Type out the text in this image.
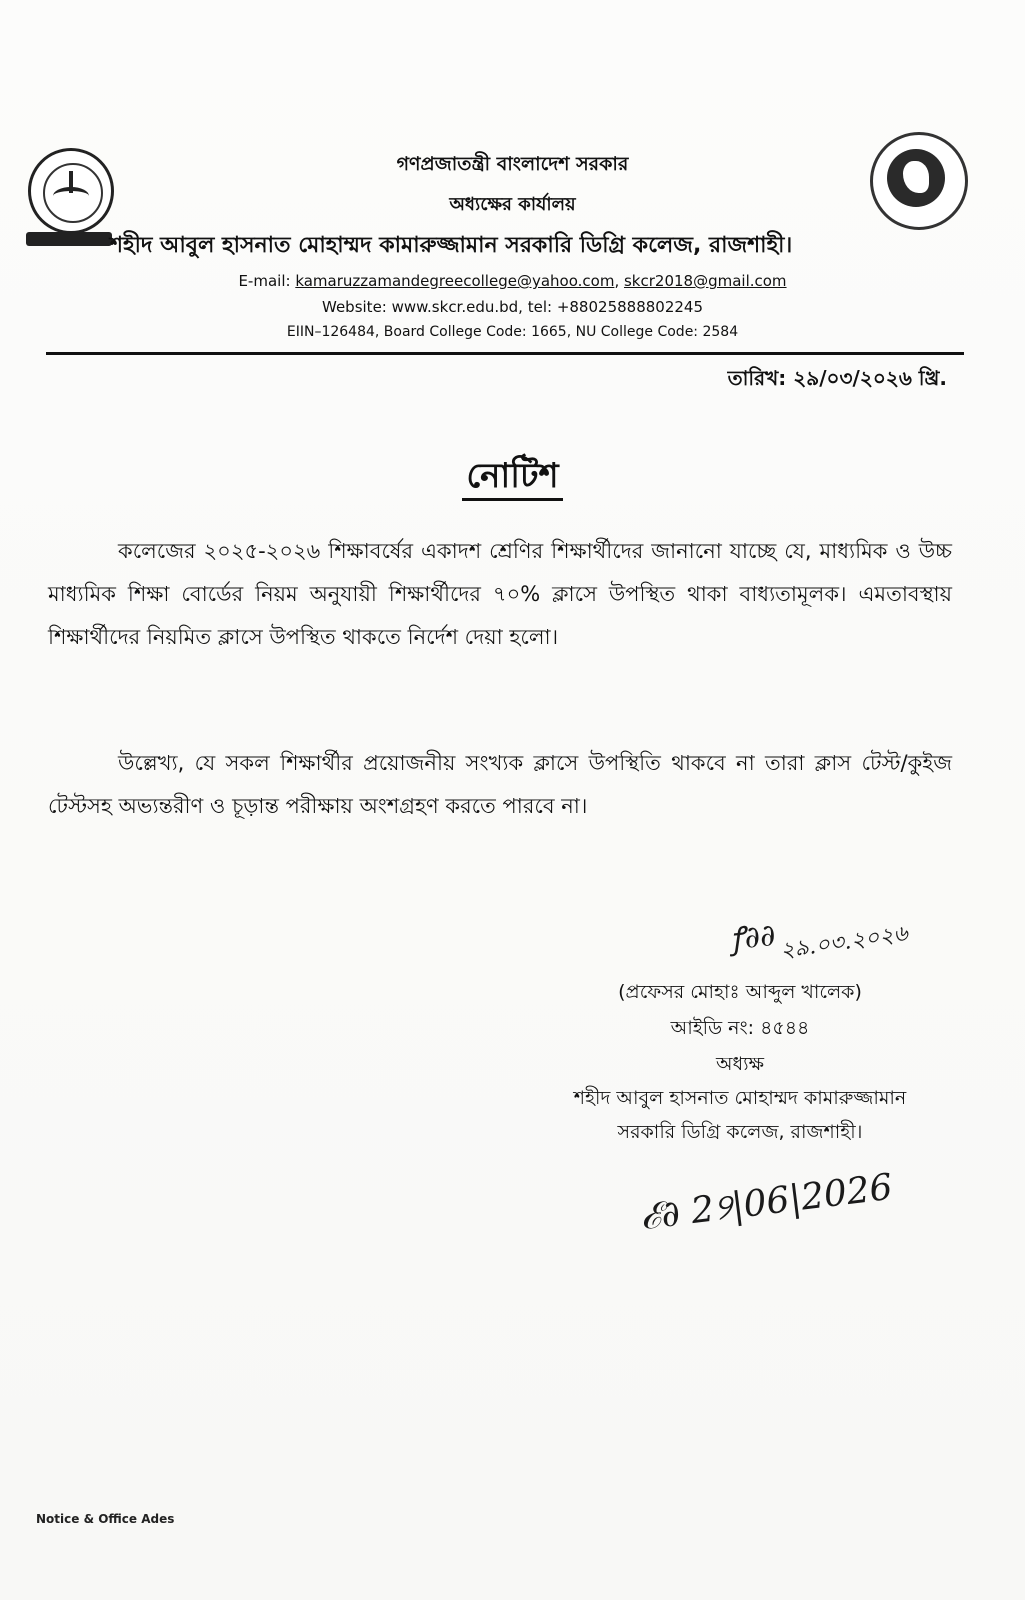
গণপ্রজাতন্ত্রী বাংলাদেশ সরকার
অধ্যক্ষের কার্যালয়
শহীদ আবুল হাসনাত মোহাম্মদ কামারুজ্জামান সরকারি ডিগ্রি কলেজ, রাজশাহী।
E-mail: kamaruzzamandegreecollege@yahoo.com, skcr2018@gmail.com
Website: www.skcr.edu.bd, tel: +88025888802245
EIIN–126484, Board College Code: 1665, NU College Code: 2584
তারিখ: ২৯/০৩/২০২৬ খ্রি.
নোটিশ
কলেজের ২০২৫-২০২৬ শিক্ষাবর্ষের একাদশ শ্রেণির শিক্ষার্থীদের জানানো যাচ্ছে যে, মাধ্যমিক ও উচ্চ মাধ্যমিক শিক্ষা বোর্ডের নিয়ম অনুযায়ী শিক্ষার্থীদের ৭০% ক্লাসে উপস্থিত থাকা বাধ্যতামূলক। এমতাবস্থায় শিক্ষার্থীদের নিয়মিত ক্লাসে উপস্থিত থাকতে নির্দেশ দেয়া হলো।
উল্লেখ্য, যে সকল শিক্ষার্থীর প্রয়োজনীয় সংখ্যক ক্লাসে উপস্থিতি থাকবে না তারা ক্লাস টেস্ট/কুইজ টেস্টসহ অভ্যন্তরীণ ও চূড়ান্ত পরীক্ষায় অংশগ্রহণ করতে পারবে না।
ꝭ∂∂ ২৯.০৩.২০২৬
(প্রফেসর মোহাঃ আব্দুল খালেক)
আইডি নং: ৪৫৪৪
অধ্যক্ষ
শহীদ আবুল হাসনাত মোহাম্মদ কামারুজ্জামান
সরকারি ডিগ্রি কলেজ, রাজশাহী।
ℰ∂ 2୨|06|2026
Notice & Office Ades
